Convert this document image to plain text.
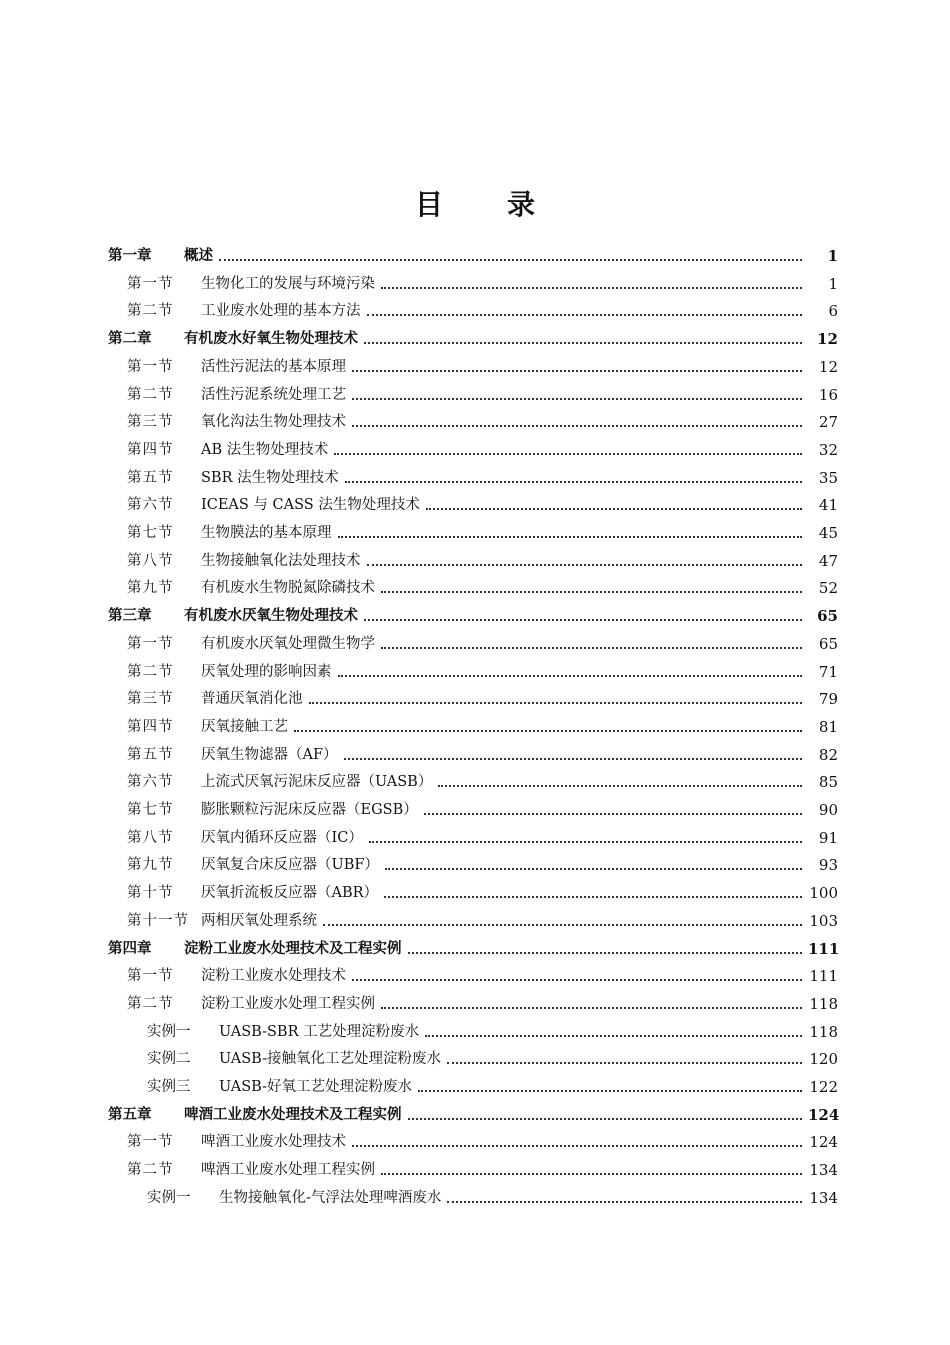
目 录
第一章	概述	1
第一节	生物化工的发展与环境污染	1
第二节	工业废水处理的基本方法	6
第二章	有机废水好氧生物处理技术	12
第一节	活性污泥法的基本原理	12
第二节	活性污泥系统处理工艺	16
第三节	氧化沟法生物处理技术	27
第四节	AB 法生物处理技术	32
第五节	SBR 法生物处理技术	35
第六节	ICEAS 与 CASS 法生物处理技术	41
第七节	生物膜法的基本原理	45
第八节	生物接触氧化法处理技术	47
第九节	有机废水生物脱氮除磷技术	52
第三章	有机废水厌氧生物处理技术	65
第一节	有机废水厌氧处理微生物学	65
第二节	厌氧处理的影响因素	71
第三节	普通厌氧消化池	79
第四节	厌氧接触工艺	81
第五节	厌氧生物滤器（AF）	82
第六节	上流式厌氧污泥床反应器（UASB）	85
第七节	膨胀颗粒污泥床反应器（EGSB）	90
第八节	厌氧内循环反应器（IC）	91
第九节	厌氧复合床反应器（UBF）	93
第十节	厌氧折流板反应器（ABR）	100
第十一节 两相厌氧处理系统	103
第四章	淀粉工业废水处理技术及工程实例	111
第一节	淀粉工业废水处理技术	111
第二节	淀粉工业废水处理工程实例	118
实例一	UASB-SBR 工艺处理淀粉废水	118
实例二	UASB-接触氧化工艺处理淀粉废水	120
实例三	UASB-好氧工艺处理淀粉废水	122
第五章	啤酒工业废水处理技术及工程实例	124
第一节	啤酒工业废水处理技术	124
第二节	啤酒工业废水处理工程实例	134
实例一	生物接触氧化-气浮法处理啤酒废水	134
